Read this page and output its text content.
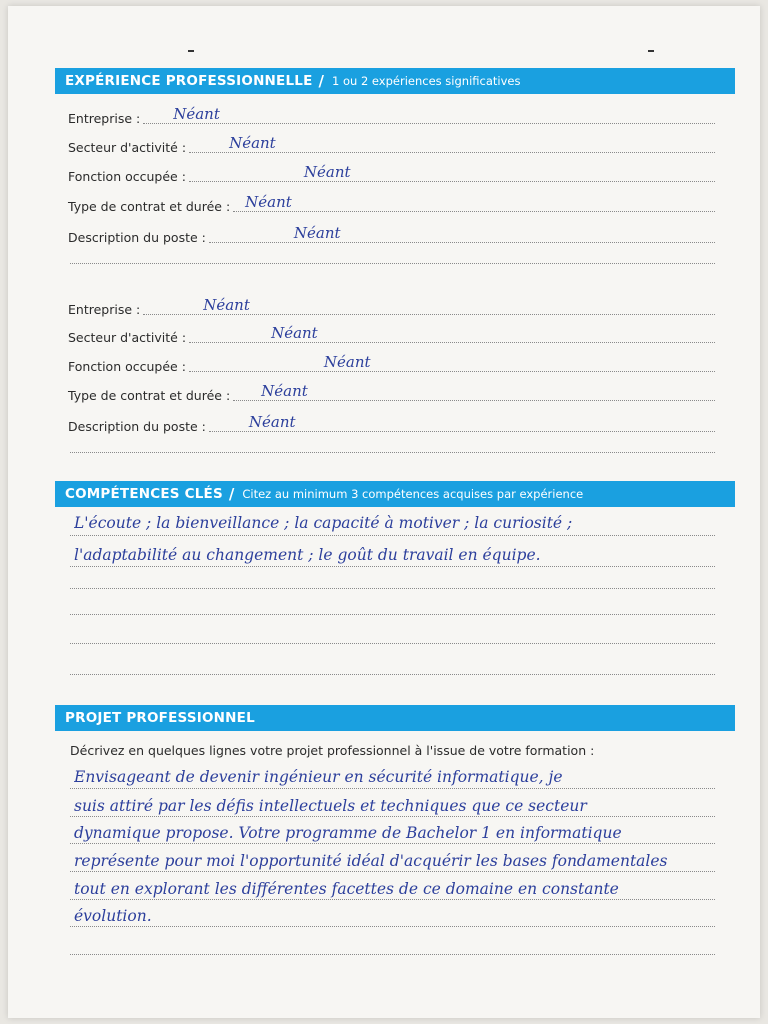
EXPÉRIENCE PROFESSIONNELLE / 1 ou 2 expériences significatives
Entreprise : Néant
Secteur d'activité :	Néant
Fonction occupée :	Néant
Type de contrat et durée : Néant
Description du poste :	Néant
Entreprise :	Néant
Secteur d'activité :	Néant
Fonction occupée :	Néant
Type de contrat et durée : Néant
Description du poste :	Néant
COMPÉTENCES CLÉS / Citez au minimum 3 compétences acquises par expérience
L'écoute ; la bienveillance ; la capacité à motiver ; la curiosité ;
l'adaptabilité au changement ; le goût du travail en équipe.
PROJET PROFESSIONNEL
Décrivez en quelques lignes votre projet professionnel à l'issue de votre formation :
Envisageant de devenir ingénieur en sécurité informatique, je
suis attiré par les défis intellectuels et techniques que ce secteur
dynamique propose. Votre programme de Bachelor 1 en informatique
représente pour moi l'opportunité idéal d'acquérir les bases fondamentales
tout en explorant les différentes facettes de ce domaine en constante
évolution.
